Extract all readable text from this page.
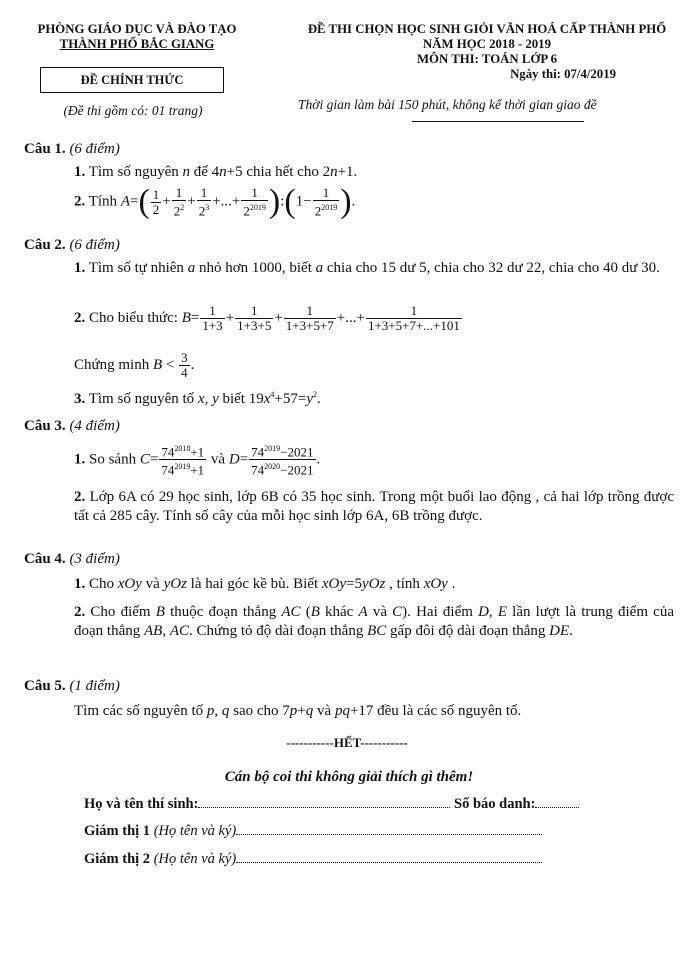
PHÒNG GIÁO DỤC VÀ ĐÀO TẠO
THÀNH PHỐ BẮC GIANG
ĐỀ THI CHỌN HỌC SINH GIỎI VĂN HOÁ CẤP THÀNH PHỐ
NĂM HỌC 2018 - 2019
MÔN THI: TOÁN LỚP 6
Ngày thi: 07/4/2019
ĐỀ CHÍNH THỨC
(Đề thi gồm có: 01 trang)	Thời gian làm bài 150 phút, không kể thời gian giao đề
Câu 1. (6 điểm)
1. Tìm số nguyên n để 4n+5 chia hết cho 2n+1.
2. Tính $A=( \frac{1}{2} + \frac{1}{2^2} + \frac{1}{2^3}$ +...+ $\frac{1}{2^{2019}}$ ):(1− $\frac{1}{2^{2019}}$ ).
Câu 2. (6 điểm)
1. Tìm số tự nhiên a nhỏ hơn 1000, biết a chia cho 15 dư 5, chia cho 32 dư 22, chia cho 40 dư 30.
2. Cho biểu thức: $B= \frac{1}{1+3} + \frac{1}{1+3+5} + \frac{1}{1+3+5+7}$ +...+ $\frac{1}{1+3+5+7+...+101}$
Chứng minh $B < \frac{3}{4}$ .
3. Tìm số nguyên tố x, y biết $19x^4+57=y^2$.
Câu 3. (4 điểm)
1. So sánh $C= \frac{74^{2018}+1}{74^{2019}+1}$ và $D= \frac{74^{2019}-2021}{74^{2020}-2021}$ .
2. Lớp 6A có 29 học sinh, lớp 6B có 35 học sinh. Trong một buổi lao động , cả hai lớp trồng được tất cả 285 cây. Tính số cây của mỗi học sinh lớp 6A, 6B trồng được.
Câu 4. (3 điểm)
1. Cho xOy và yOz là hai góc kề bù. Biết xOy=5yOz , tính xOy .
2. Cho điểm B thuộc đoạn thẳng AC (B khác A và C). Hai điểm D, E lần lượt là trung điểm của đoạn thẳng AB, AC. Chứng tỏ độ dài đoạn thẳng BC gấp đôi độ dài đoạn thẳng DE.
Câu 5. (1 điểm)
Tìm các số nguyên tố p, q sao cho 7p+q và pq+17 đều là các số nguyên tố.
-----------HẾT-----------
Cán bộ coi thi không giải thích gì thêm!
Họ và tên thí sinh:	Số báo danh:
Giám thị 1 (Họ tên và ký)
Giám thị 2 (Họ tên và ký)
